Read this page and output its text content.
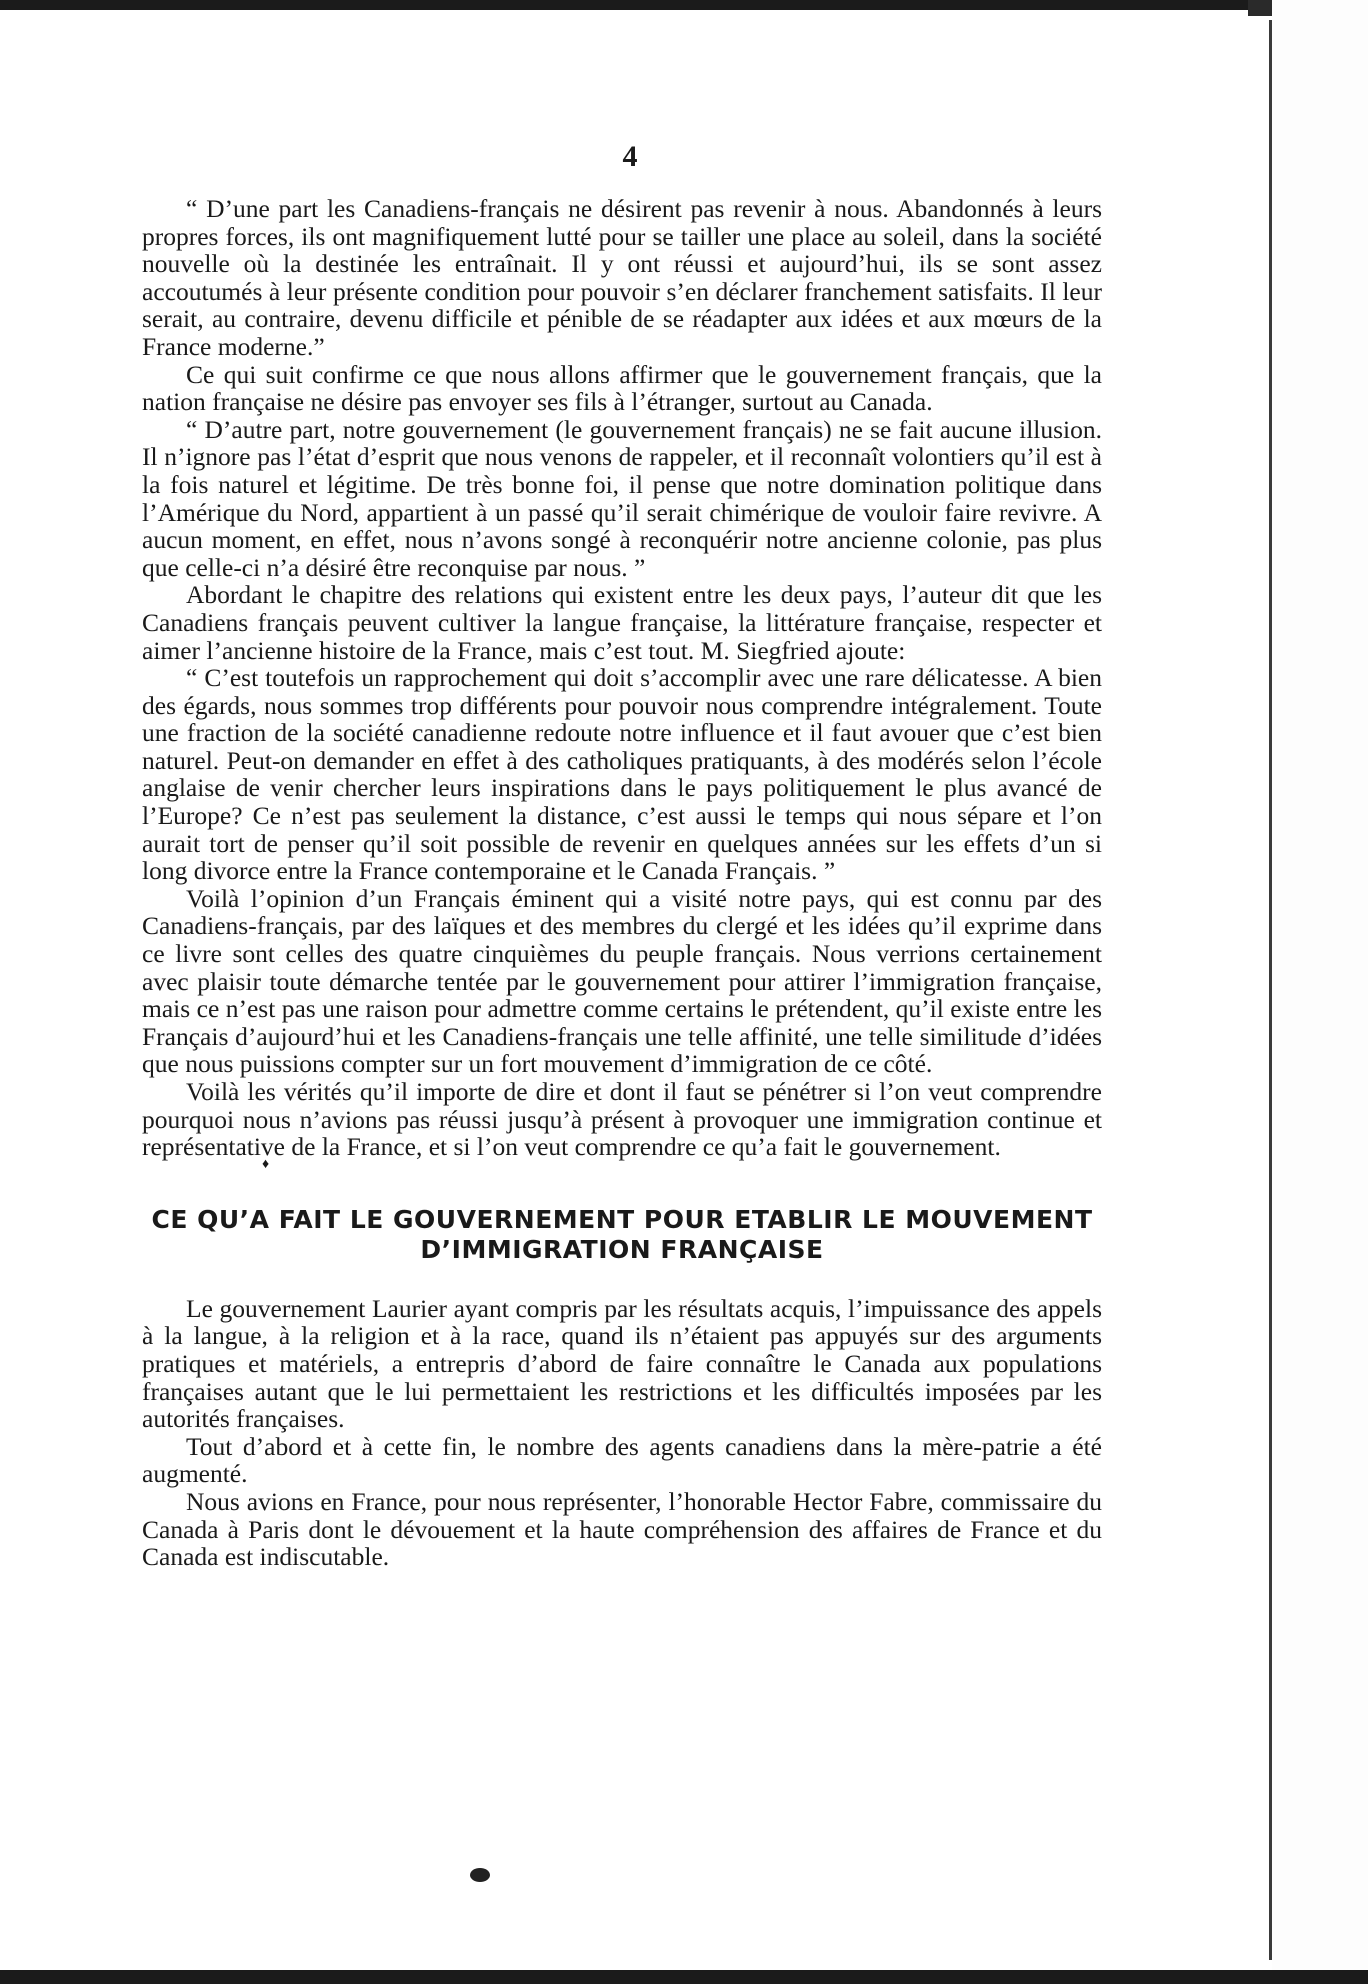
4

“ D’une part les Canadiens-français ne désirent pas revenir à nous. Abandonnés à leurs propres forces, ils ont magnifiquement lutté pour se tailler une place au soleil, dans la société nouvelle où la destinée les entraînait. Il y ont réussi et aujourd’hui, ils se sont assez accoutumés à leur présente condition pour pouvoir s’en déclarer franchement satisfaits. Il leur serait, au contraire, devenu difficile et pénible de se réadapter aux idées et aux mœurs de la France moderne.”

Ce qui suit confirme ce que nous allons affirmer que le gouvernement français, que la nation française ne désire pas envoyer ses fils à l’étranger, surtout au Canada.

“ D’autre part, notre gouvernement (le gouvernement français) ne se fait aucune illusion. Il n’ignore pas l’état d’esprit que nous venons de rappeler, et il reconnaît volontiers qu’il est à la fois naturel et légitime. De très bonne foi, il pense que notre domination politique dans l’Amérique du Nord, appartient à un passé qu’il serait chimérique de vouloir faire revivre. A aucun moment, en effet, nous n’avons songé à reconquérir notre ancienne colonie, pas plus que celle-ci n’a désiré être reconquise par nous. ”

Abordant le chapitre des relations qui existent entre les deux pays, l’auteur dit que les Canadiens français peuvent cultiver la langue française, la littérature française, respecter et aimer l’ancienne histoire de la France, mais c’est tout. M. Siegfried ajoute:

“ C’est toutefois un rapprochement qui doit s’accomplir avec une rare délicatesse. A bien des égards, nous sommes trop différents pour pouvoir nous comprendre intégralement. Toute une fraction de la société canadienne redoute notre influence et il faut avouer que c’est bien naturel. Peut-on demander en effet à des catholiques pratiquants, à des modérés selon l’école anglaise de venir chercher leurs inspirations dans le pays politiquement le plus avancé de l’Europe? Ce n’est pas seulement la distance, c’est aussi le temps qui nous sépare et l’on aurait tort de penser qu’il soit possible de revenir en quelques années sur les effets d’un si long divorce entre la France contemporaine et le Canada Français. ”

Voilà l’opinion d’un Français éminent qui a visité notre pays, qui est connu par des Canadiens-français, par des laïques et des membres du clergé et les idées qu’il exprime dans ce livre sont celles des quatre cinquièmes du peuple français. Nous verrions certainement avec plaisir toute démarche tentée par le gouvernement pour attirer l’immigration française, mais ce n’est pas une raison pour admettre comme certains le prétendent, qu’il existe entre les Français d’aujourd’hui et les Canadiens-français une telle affinité, une telle similitude d’idées que nous puissions compter sur un fort mouvement d’immigration de ce côté.

Voilà les vérités qu’il importe de dire et dont il faut se pénétrer si l’on veut comprendre pourquoi nous n’avions pas réussi jusqu’à présent à provoquer une immigration continue et représentative de la France, et si l’on veut comprendre ce qu’a fait le gouvernement.

♦
CE QU’A FAIT LE GOUVERNEMENT POUR ETABLIR LE MOUVEMENT
D’IMMIGRATION FRANÇAISE

Le gouvernement Laurier ayant compris par les résultats acquis, l’impuissance des appels à la langue, à la religion et à la race, quand ils n’étaient pas appuyés sur des arguments pratiques et matériels, a entrepris d’abord de faire connaître le Canada aux populations françaises autant que le lui permettaient les restrictions et les difficultés imposées par les autorités françaises.

Tout d’abord et à cette fin, le nombre des agents canadiens dans la mère-patrie a été augmenté.

Nous avions en France, pour nous représenter, l’honorable Hector Fabre, commissaire du Canada à Paris dont le dévouement et la haute compréhension des affaires de France et du Canada est indiscutable.
